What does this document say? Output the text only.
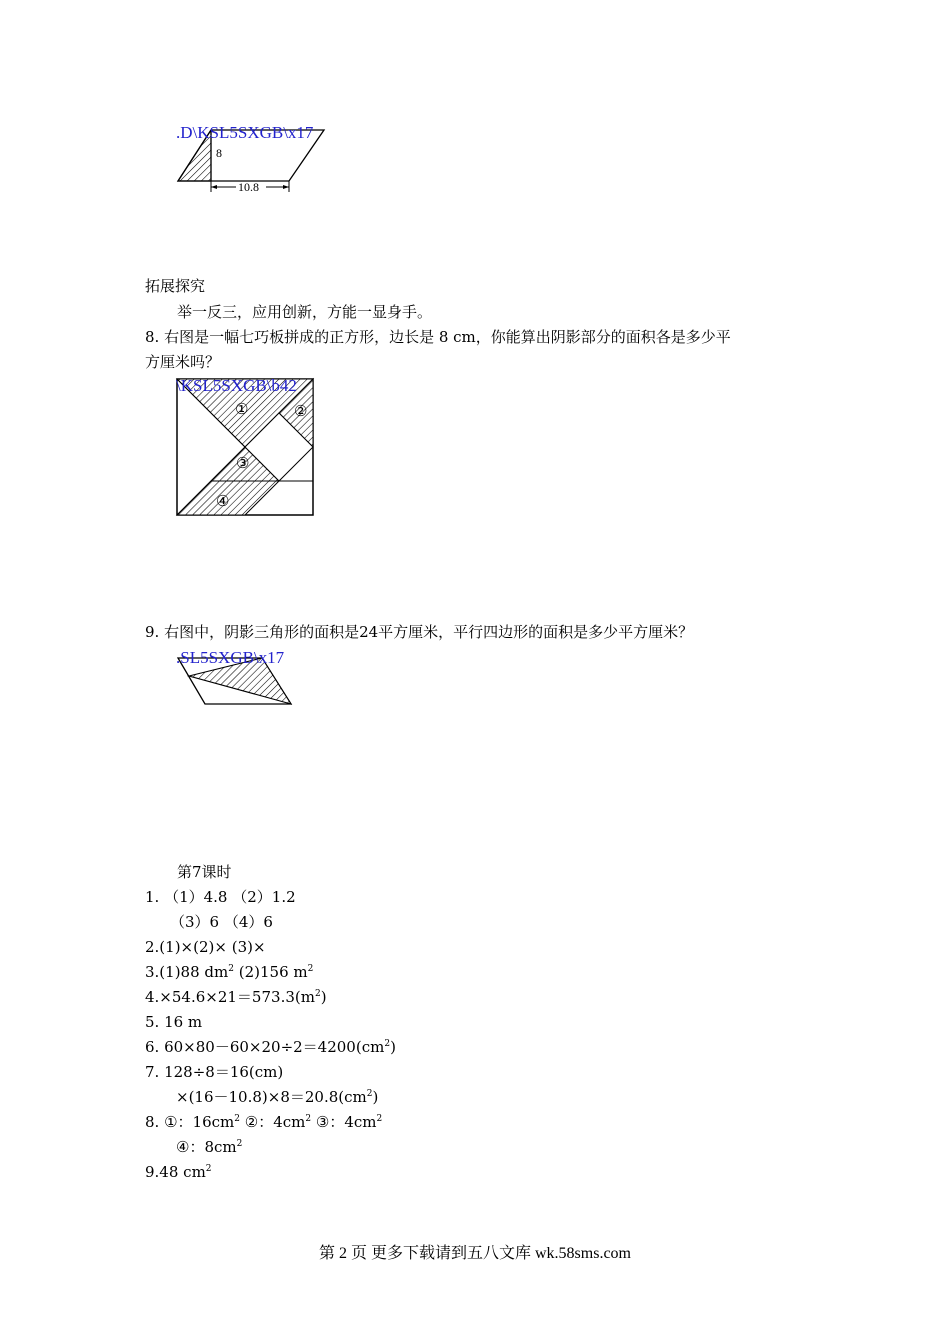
8
10.8
①	②
③
④
.D\KSL5SXGB\x17
拓展探究
举一反三，应用创新，方能一显身手。
8. 右图是一幅七巧板拼成的正方形，边长是 8 cm，你能算出阴影部分的面积各是多少平
方厘米吗？
\KSL5SXGB\b42
9. 右图中，阴影三角形的面积是24平方厘米，平行四边形的面积是多少平方厘米？
.SL5SXGB\x17
第7课时
1. （1）4.8 （2）1.2
（3）6 （4）6
2.(1)×(2)× (3)×
3.(1)88 $dm^2$ (2)156 $m^2$
$4.\times 54.6\times 21=573.3(m^2)$
5. 16 m
6. $60\times 80-60\times 20\div 2=4200(cm^2)$
7. 128÷8＝16(cm)
$\times(16-10.8)\times 8=20.8(cm^2)$
8. ①：$16cm^2$ ②：$4cm^2$ ③：$4cm^2$
④：$8cm^2$
9.48 $cm^2$
第 2 页 更多下载请到五八文库 wk.58sms.com
